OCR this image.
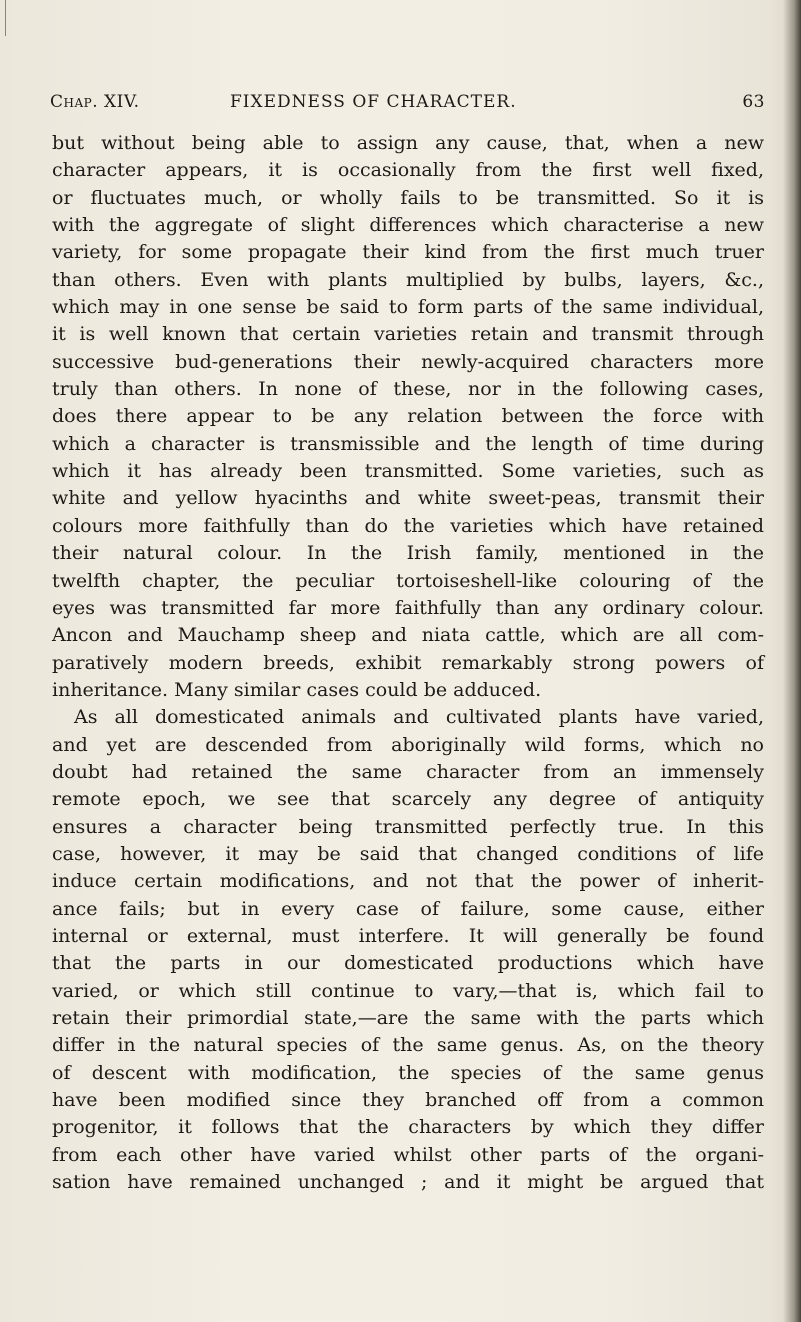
Chap. XIV.	FIXEDNESS OF CHARACTER.	63
but without being able to assign any cause, that, when a new
character appears, it is occasionally from the first well fixed,
or fluctuates much, or wholly fails to be transmitted. So it is
with the aggregate of slight differences which characterise a new
variety, for some propagate their kind from the first much truer
than others. Even with plants multiplied by bulbs, layers, &c.,
which may in one sense be said to form parts of the same individual,
it is well known that certain varieties retain and transmit through
successive bud-generations their newly-acquired characters more
truly than others. In none of these, nor in the following cases,
does there appear to be any relation between the force with
which a character is transmissible and the length of time during
which it has already been transmitted. Some varieties, such as
white and yellow hyacinths and white sweet-peas, transmit their
colours more faithfully than do the varieties which have retained
their natural colour. In the Irish family, mentioned in the
twelfth chapter, the peculiar tortoiseshell-like colouring of the
eyes was transmitted far more faithfully than any ordinary colour.
Ancon and Mauchamp sheep and niata cattle, which are all com-
paratively modern breeds, exhibit remarkably strong powers of
inheritance. Many similar cases could be adduced.
As all domesticated animals and cultivated plants have varied,
and yet are descended from aboriginally wild forms, which no
doubt had retained the same character from an immensely
remote epoch, we see that scarcely any degree of antiquity
ensures a character being transmitted perfectly true. In this
case, however, it may be said that changed conditions of life
induce certain modifications, and not that the power of inherit-
ance fails; but in every case of failure, some cause, either
internal or external, must interfere. It will generally be found
that the parts in our domesticated productions which have
varied, or which still continue to vary,—that is, which fail to
retain their primordial state,—are the same with the parts which
differ in the natural species of the same genus. As, on the theory
of descent with modification, the species of the same genus
have been modified since they branched off from a common
progenitor, it follows that the characters by which they differ
from each other have varied whilst other parts of the organi-
sation have remained unchanged ; and it might be argued that
